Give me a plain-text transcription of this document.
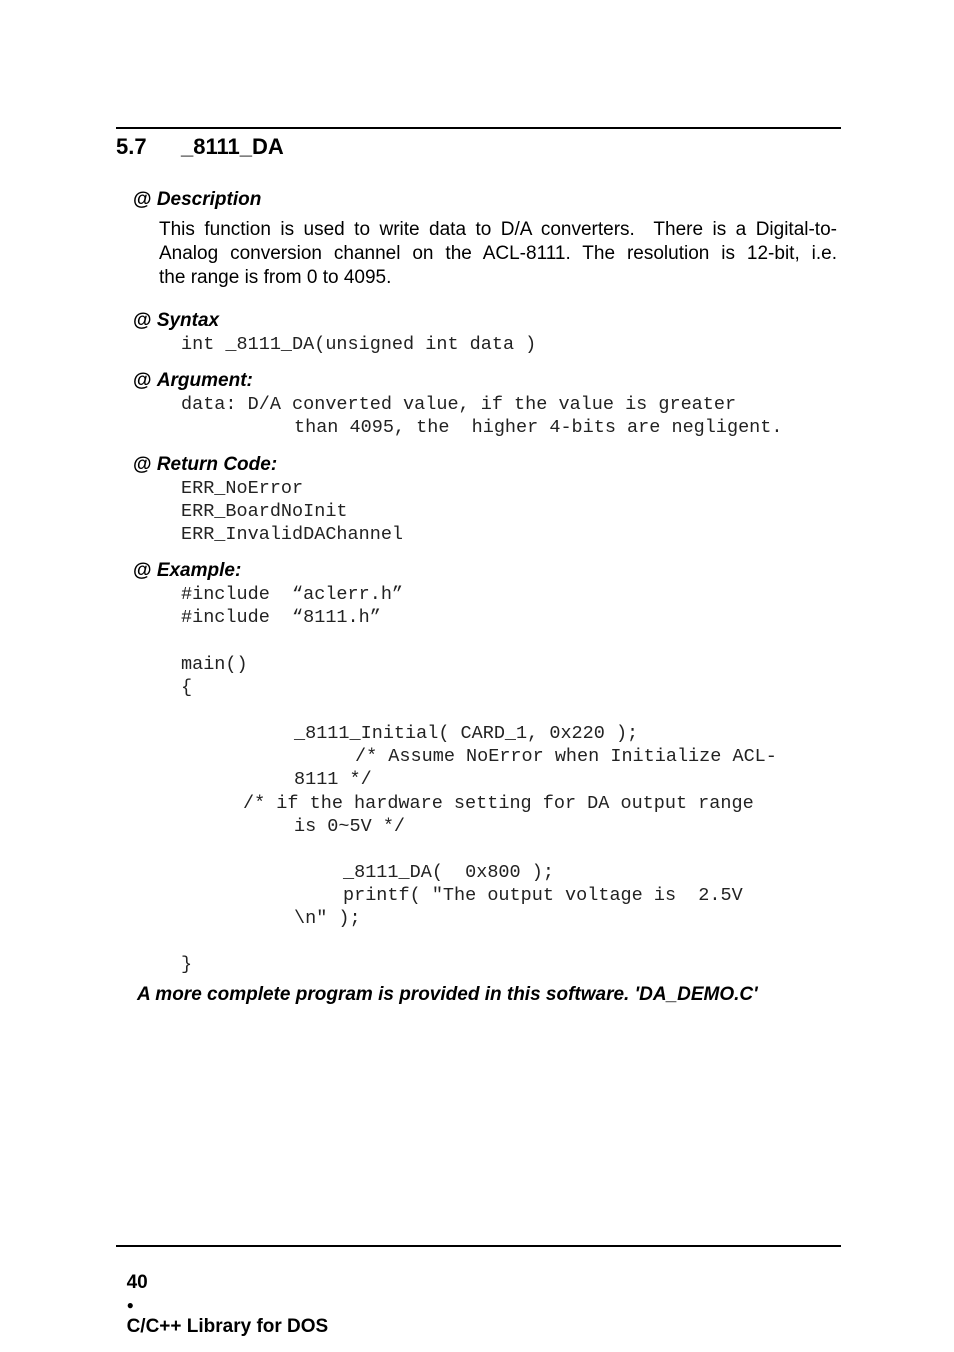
5.7 _8111_DA
@ Description
This function is used to write data to D/A converters.  There is a Digital-to-
Analog conversion channel on the ACL-8111. The resolution is 12-bit, i.e.
the range is from 0 to 4095.
@ Syntax
int _8111_DA(unsigned int data )
@ Argument:
data: D/A converted value, if the value is greater
than 4095, the  higher 4-bits are negligent.
@ Return Code:
ERR_NoError
ERR_BoardNoInit
ERR_InvalidDAChannel
@ Example:
#include  “aclerr.h”
#include  “8111.h”
main()
{
_8111_Initial( CARD_1, 0x220 );
/* Assume NoError when Initialize ACL-
8111 */
/* if the hardware setting for DA output range
is 0~5V */
_8111_DA(  0x800 );
printf( "The output voltage is  2.5V
\n" );
}
A more complete program is provided in this software. 'DA_DEMO.C'

40
●
C/C++ Library for DOS
